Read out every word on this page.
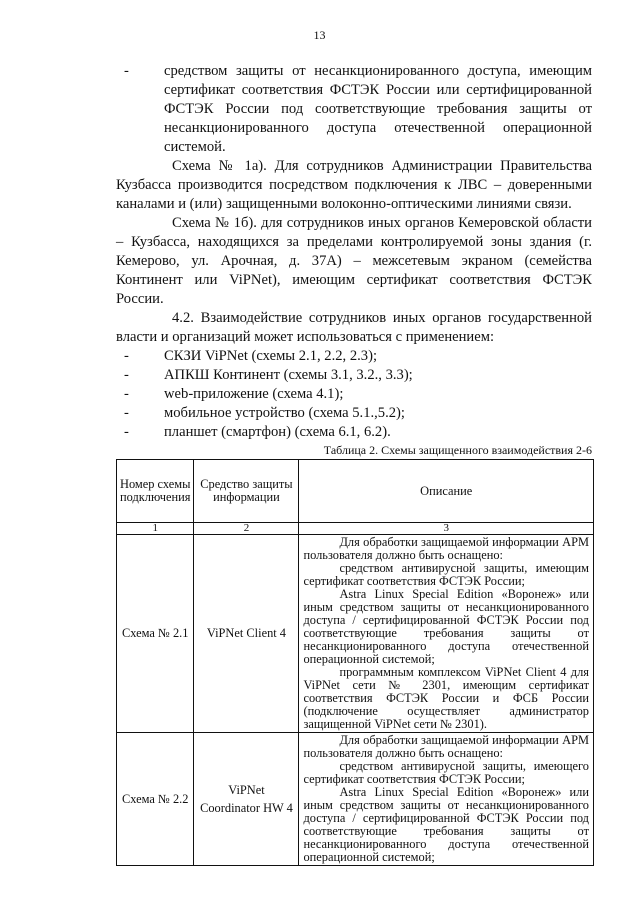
13
-	средством защиты от несанкционированного доступа, имеющим сертификат соответствия ФСТЭК России или сертифицированной ФСТЭК России под соответствующие требования защиты от несанкционированного доступа отечественной операционной системой.

Схема № 1а). Для сотрудников Администрации Правительства Кузбасса производится посредством подключения к ЛВС – доверенными каналами и (или) защищенными волоконно-оптическими линиями связи.

Схема № 1б). для сотрудников иных органов Кемеровской области – Кузбасса, находящихся за пределами контролируемой зоны здания (г. Кемерово, ул. Арочная, д. 37А) – межсетевым экраном (семейства Континент или ViPNet), имеющим сертификат соответствия ФСТЭК России.

4.2. Взаимодействие сотрудников иных органов государственной власти и организаций может использоваться с применением:

-	СКЗИ ViPNet (схемы 2.1, 2.2, 2.3);
-	АПКШ Континент (схемы 3.1, 3.2., 3.3);
-	web-приложение (схема 4.1);
-	мобильное устройство (схема 5.1.,5.2);
-	планшет (смартфон) (схема 6.1, 6.2).
Таблица 2. Схемы защищенного взаимодействия 2-6
Номер схемы подключения	Средство защиты информации	Описание
1	2	3
Схема № 2.1	ViPNet Client 4	Для обработки защищаемой информации АРМ пользователя должно быть оснащено:
средством антивирусной защиты, имеющим сертификат соответствия ФСТЭК России;
Astra Linux Special Edition «Воронеж» или иным средством защиты от несанкционированного доступа / сертифицированной ФСТЭК России под соответствующие требования защиты от несанкционированного доступа отечественной операционной системой;
программным комплексом ViPNet Client 4 для ViPNet сети № 2301, имеющим сертификат соответствия ФСТЭК России и ФСБ России (подключение осуществляет администратор защищенной ViPNet сети № 2301).

Схема № 2.2	ViPNet Coordinator HW 4	Для обработки защищаемой информации АРМ пользователя должно быть оснащено:
средством антивирусной защиты, имеющего сертификат соответствия ФСТЭК России;
Astra Linux Special Edition «Воронеж» или иным средством защиты от несанкционированного доступа / сертифицированной ФСТЭК России под соответствующие требования защиты от несанкционированного доступа отечественной операционной системой;
